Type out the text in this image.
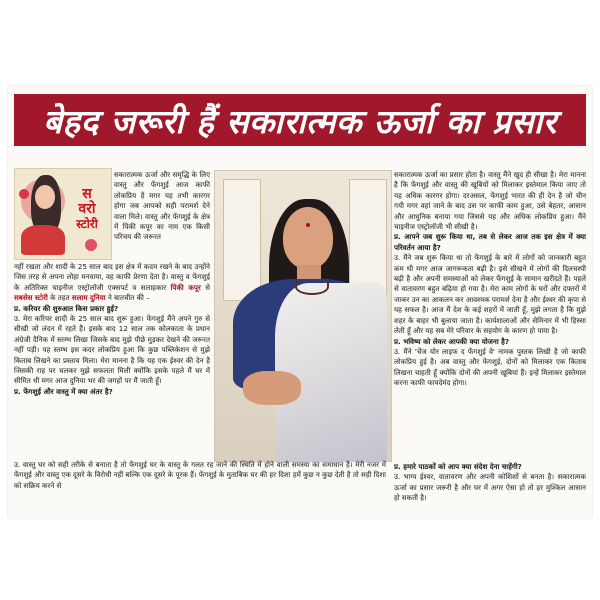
बेहद जरूरी हैं सकारात्मक ऊर्जा का प्रसार
स
वरो
स्टोरी

सकारात्मक ऊर्जा और समृद्धि के लिए वास्तु और फेंगशुई आज काफी लोकप्रिय है मगर यह तभी कारगर होगा जब आपको सही परामर्श देने वाला मिले। वास्तु और फेंगशुई के क्षेत्र में पिंकी कपूर का नाम एक किसी परिचय की जरूरत

नहीं रखता और शादी के 25 साल बाद इस क्षेत्र में कदम रखने के बाद उन्होंने जिस तरह से अपना लोहा मनवाया, वह काफी प्रेरणा देता है। वास्तु व फेंगशुई के अतिरिक्त चाइनीज एस्ट्रोलॉजी एक्सपर्ट व सलाहकार पिंकी कपूर से सबसेस स्टोरी के तहत सलाम दुनिया ने बातचीत की –

प्र. करियर की शुरुआत किस प्रकार हुई?

उ. मेरा करियर शादी के 25 साल बाद शुरू हुआ। फेंगशुई मैंने अपने गुरु से सीखी जो लंदन में रहते हैं। इसके बाद 12 साल तक कोलकाता के प्रधान अंग्रेजी दैनिक में स्तम्भ लिखा जिसके बाद मुझे पीछे मुड़कर देखने की जरूरत नहीं पड़ी। यह स्तम्भ इस कदर लोकप्रिय हुआ कि कुछ पब्लिकेशन से मुझे किताब लिखने का प्रस्ताव मिला। मेरा मानना है कि यह एक ईश्वर की देन है जिसकी राह पर चलकर मुझे सफलता मिली क्योंकि इसके पहले मैं घर में सीमित थी मगर आज दुनिया भर की जगहों पर मैं जाती हूँ।

प्र. फेंगशुई और वास्तु में क्या अंतर है?

सकारात्मक ऊर्जा का प्रसार होता है। वास्तु मैंने खुद ही सीखा है। मेरा मानना है कि फेंगशुई और वास्तु की खूबियों को मिलाकर इस्तेमाल किया जाए तो यह अधिक कारगर होगा। दरअसल, फेंगशुई भारत की ही देन है जो चीन गयी मगर वहां जाने के बाद उस पर काफी काम हुआ, उसे बेहतर, आसान और आधुनिक बनाया गया जिससे यह और अधिक लोकप्रिय हुआ। मैंने चाइनीज एस्ट्रोलॉजी भी सीखी है।

प्र. आपने जब शुरू किया था, तब से लेकर आज तक इस क्षेत्र में क्या परिवर्तन आया है?

उ. मैंने जब शुरू किया था तो फेंगशुई के बारे में लोगों को जानकारी बहुत कम थी मगर आज जागरूकता बढ़ी है। इसे सीखने में लोगों की दिलचस्पी बढ़ी है और अपनी समस्याओं को लेकर फेंगशुई के सामान खरीदते हैं। पहले से वातावरण बहुत बढ़िया हो गया है। मेरा काम लोगों के घरों और दफ्तरों में जाकर उन का आकलन कर आवश्यक परामर्श देना है और ईश्वर की कृपा से यह सफल है। आज मैं देश के कई शहरों में जाती हूँ, मुझे लगता है कि मुझे शहर के बाहर भी बुलाया जाता है। कार्यशालाओं और सेमिनार में भी हिस्सा लेती हूँ और यह सब मेरे परिवार के सहयोग के कारण हो पाया है।

प्र. भविष्य को लेकर आपकी क्या योजना है?

उ. मैंने 'चेंज योर लाइफ द फेंगशुई वे' नामक पुस्तक लिखी है जो काफी लोकप्रिय हुई है। अब वास्तु और फेंगशुई, दोनों को मिलाकर एक किताब लिखना चाहती हूँ क्योंकि दोनों की अपनी खूबियां हैं। इन्हें मिलाकर इस्तेमाल करना काफी फायदेमंद होगा।

उ. वास्तु घर को सही तरीके से बनाता है तो फेंगशुई घर के वास्तु के गलत रह जाने की स्थिति में होने वाली समस्या का समाधान है। मेरी नजर में फेंगशुई और वास्तु एक दूसरे के विरोधी नहीं बल्कि एक दूसरे के पूरक हैं। फेंगशुई के मुताबिक घर की हर दिशा हमें कुछ न कुछ देती है तो सही दिशा को सक्रिय करने से

प्र. हमारे पाठकों को आप क्या संदेश देना चाहेंगी?

उ. भाग्य ईश्वर, वातावरण और अपनी कोशिशों से बनता है। सकारात्मक ऊर्जा का प्रसार जरूरी है और घर में अगर ऐसा हो तो हर मुश्किल आसान हो सकती है।
